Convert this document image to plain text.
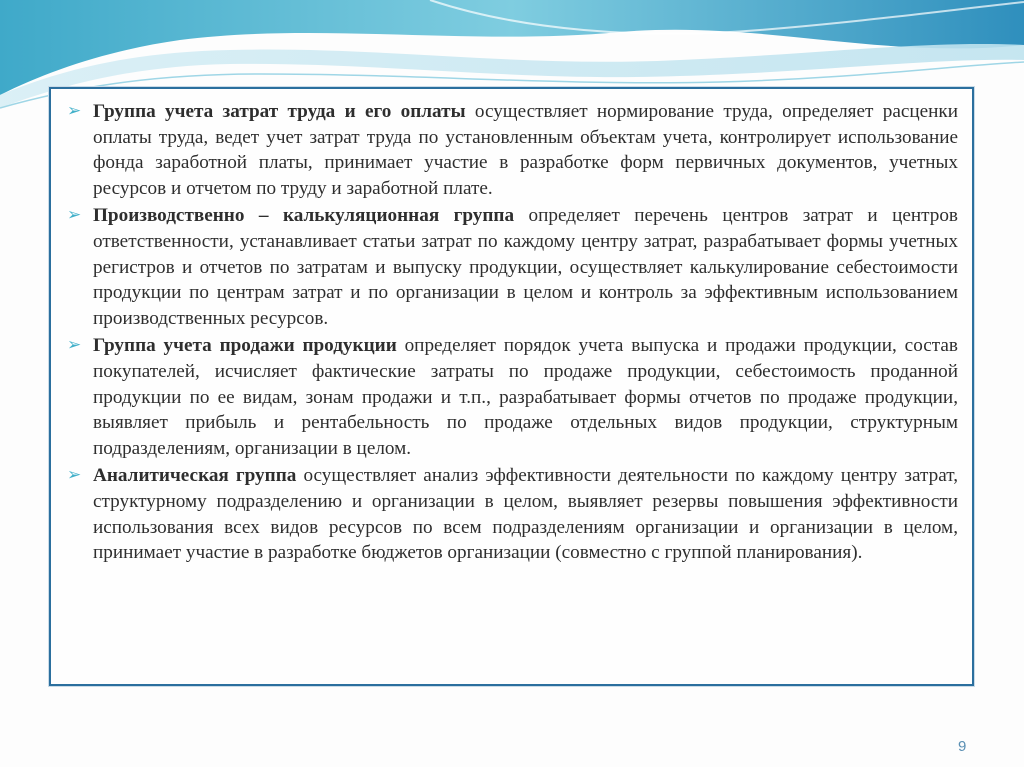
➢ Группа учета затрат труда и его оплаты осуществляет нормирование труда, определяет расценки оплаты труда, ведет учет затрат труда по установленным объектам учета, контролирует использование фонда заработной платы, принимает участие в разработке форм первичных документов, учетных ресурсов и отчетом по труду и заработной плате.
➢ Производственно – калькуляционная группа определяет перечень центров затрат и центров ответственности, устанавливает статьи затрат по каждому центру затрат, разрабатывает формы учетных регистров и отчетов по затратам и выпуску продукции, осуществляет калькулирование себестоимости продукции по центрам затрат и по организации в целом и контроль за эффективным использованием производственных ресурсов.
➢ Группа учета продажи продукции определяет порядок учета выпуска и продажи продукции, состав покупателей, исчисляет фактические затраты по продаже продукции, себестоимость проданной продукции по ее видам, зонам продажи и т.п., разрабатывает формы отчетов по продаже продукции, выявляет прибыль и рентабельность по продаже отдельных видов продукции, структурным подразделениям, организации в целом.
➢ Аналитическая группа осуществляет анализ эффективности деятельности по каждому центру затрат, структурному подразделению и организации в целом, выявляет резервы повышения эффективности использования всех видов ресурсов по всем подразделениям организации и организации в целом, принимает участие в разработке бюджетов организации (совместно с группой планирования).
9
